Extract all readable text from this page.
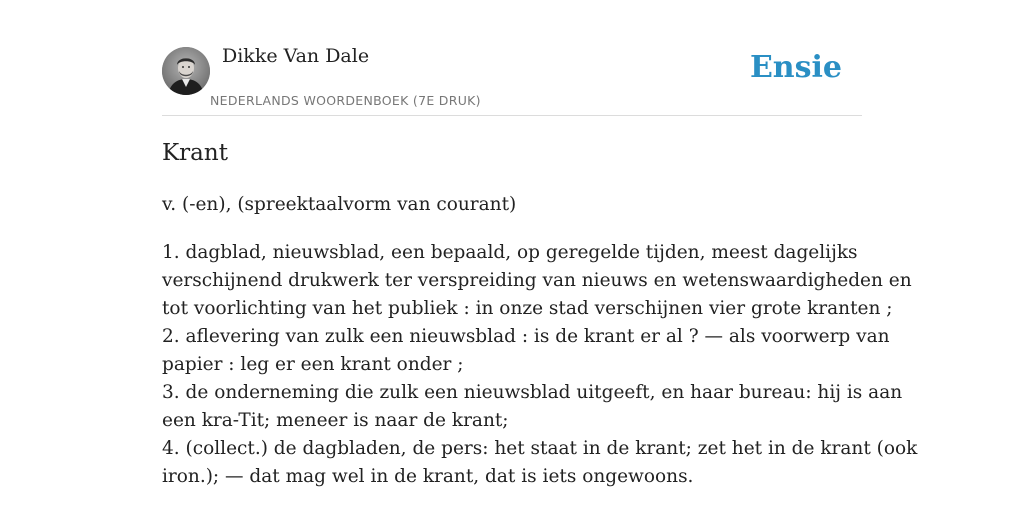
Dikke Van Dale
NEDERLANDS WOORDENBOEK (7E DRUK)
Ensie
Krant
v. (-en), (spreektaalvorm van courant)
1. dagblad, nieuwsblad, een bepaald, op geregelde tijden, meest dagelijks
verschijnend drukwerk ter verspreiding van nieuws en wetenswaardigheden en
tot voorlichting van het publiek : in onze stad verschijnen vier grote kranten ;
2. aflevering van zulk een nieuwsblad : is de krant er al ? — als voorwerp van
papier : leg er een krant onder ;
3. de onderneming die zulk een nieuwsblad uitgeeft, en haar bureau: hij is aan
een kra-Tit; meneer is naar de krant;
4. (collect.) de dagbladen, de pers: het staat in de krant; zet het in de krant (ook
iron.); — dat mag wel in de krant, dat is iets ongewoons.
